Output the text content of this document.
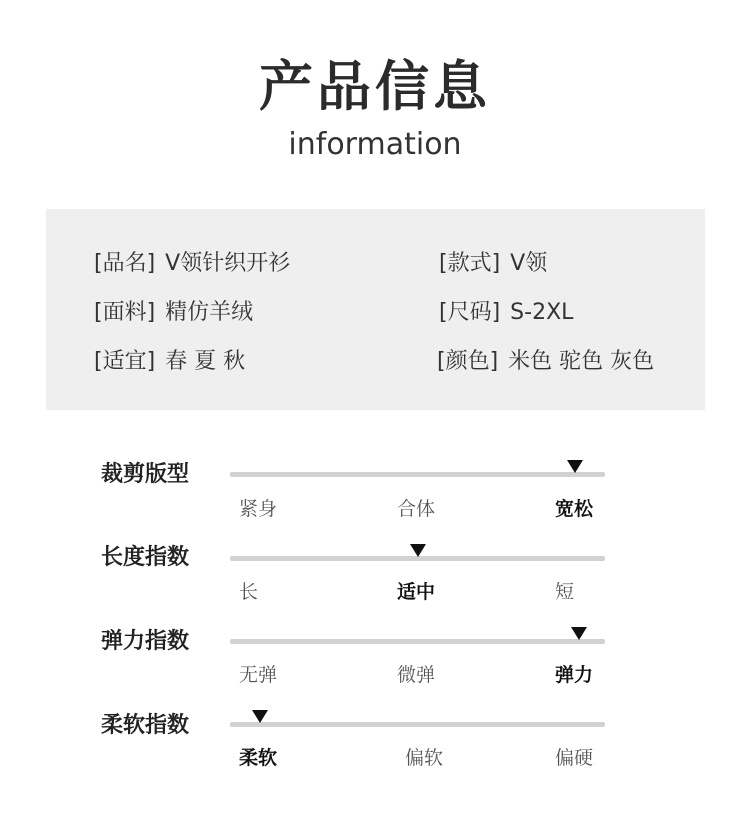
产品信息
information
[品名] V领针织开衫	[款式] V领
[面料] 精仿羊绒	[尺码] S-2XL
[适宜] 春 夏 秋	[颜色] 米色 驼色 灰色
裁剪版型
紧身	合体	宽松
长度指数
长	适中	短
弹力指数
无弹	微弹	弹力
柔软指数
柔软	偏软	偏硬
